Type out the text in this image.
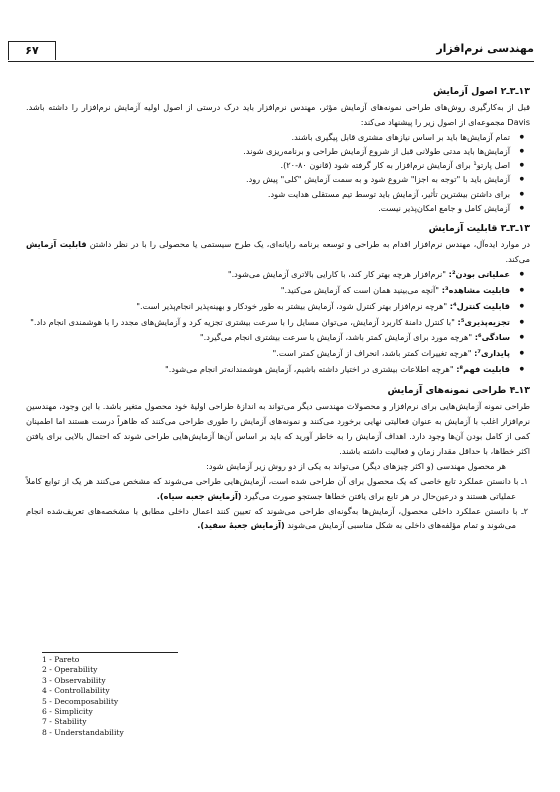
۶۷	مهندسی نرم‌افزار
۱۳ـ۳ـ۲ اصول آزمایش

قبل از به‌کارگیری روش‌های طراحی نمونه‌های آزمایش مؤثر، مهندس نرم‌افزار باید درک درستی از اصول اولیه آزمایش نرم‌افزار را داشته باشد. Davis مجموعه‌ای از اصول زیر را پیشنهاد می‌کند:

● تمام آزمایش‌ها باید بر اساس نیازهای مشتری قابل پیگیری باشند.
● آزمایش‌ها باید مدتی طولانی قبل از شروع آزمایش طراحی و برنامه‌ریزی شوند.
● اصل پارتو¹ برای آزمایش نرم‌افزار به کار گرفته شود (قانون ۸۰-۲۰).
● آزمایش باید با "توجه به اجزا" شروع شود و به سمت آزمایش "کلی" پیش رود.
● برای داشتن بیشترین تأثیر، آزمایش باید توسط تیم مستقلی هدایت شود.
● آزمایش کامل و جامع امکان‌پذیر نیست.
۱۳ـ۳ـ۳ قابلیت آزمایش

در موارد ایده‌آل، مهندس نرم‌افزار اقدام به طراحی و توسعه برنامه رایانه‌ای، یک طرح سیستمی یا محصولی را با در نظر داشتن قابلیت آزمایش می‌کند.

● عملیاتی بودن²: "نرم‌افزار هرچه بهتر کار کند، با کارایی بالاتری آزمایش می‌شود."
● قابلیت مشاهده³: "آنچه می‌بینید همان است که آزمایش می‌کنید."
● قابلیت کنترل⁴: "هرچه نرم‌افزار بهتر کنترل شود، آزمایش بیشتر به طور خودکار و بهینه‌پذیر انجام‌پذیر است."
● تجزیه‌پذیری⁵: "با کنترل دامنهٔ کاربرد آزمایش، می‌توان مسایل را با سرعت بیشتری تجزیه کرد و آزمایش‌های مجدد را با هوشمندی انجام داد."
● سادگی⁶: "هرچه مورد برای آزمایش کمتر باشد، آزمایش با سرعت بیشتری انجام می‌گیرد."
● پایداری⁷: "هرچه تغییرات کمتر باشد، انحراف از آزمایش کمتر است."
● قابلیت فهم⁸: "هرچه اطلاعات بیشتری در اختیار داشته باشیم، آزمایش هوشمندانه‌تر انجام می‌شود."
۱۳ـ۴ طراحی نمونه‌های آزمایش

طراحی نمونه آزمایش‌هایی برای نرم‌افزار و محصولات مهندسی دیگر می‌تواند به اندازهٔ طراحی اولیهٔ خود محصول متغیر باشد. با این وجود، مهندسین نرم‌افزار اغلب با آزمایش به عنوان فعالیتی نهایی برخورد می‌کنند و نمونه‌های آزمایش را طوری طراحی می‌کنند که ظاهراً درست هستند اما اطمینان کمی از کامل بودن آن‌ها وجود دارد. اهداف آزمایش را به خاطر آورید که باید بر اساس آن‌ها آزمایش‌هایی طراحی شوند که احتمال بالایی برای یافتن اکثر خطاها، با حداقل مقدار زمان و فعالیت داشته باشند.

هر محصول مهندسی (و اکثر چیزهای دیگر) می‌تواند به یکی از دو روش زیر آزمایش شود:

۱ـ با دانستن عملکرد تابع خاصی که یک محصول برای آن طراحی شده است، آزمایش‌هایی طراحی می‌شوند که مشخص می‌کنند هر یک از توابع کاملاً عملیاتی هستند و درعین‌حال در هر تابع برای یافتن خطاها جستجو صورت می‌گیرد (آزمایش جعبه سیاه).

۲ـ با دانستن عملکرد داخلی محصول، آزمایش‌ها به‌گونه‌ای طراحی می‌شوند که تعیین کنند اعمال داخلی مطابق با مشخصه‌های تعریف‌شده انجام می‌شوند و تمام مؤلفه‌های داخلی به شکل مناسبی آزمایش می‌شوند (آزمایش جعبهٔ سفید).

1 - Pareto
2 - Operability
3 - Observability
4 - Controllability
5 - Decomposability
6 - Simplicity
7 - Stability
8 - Understandability
